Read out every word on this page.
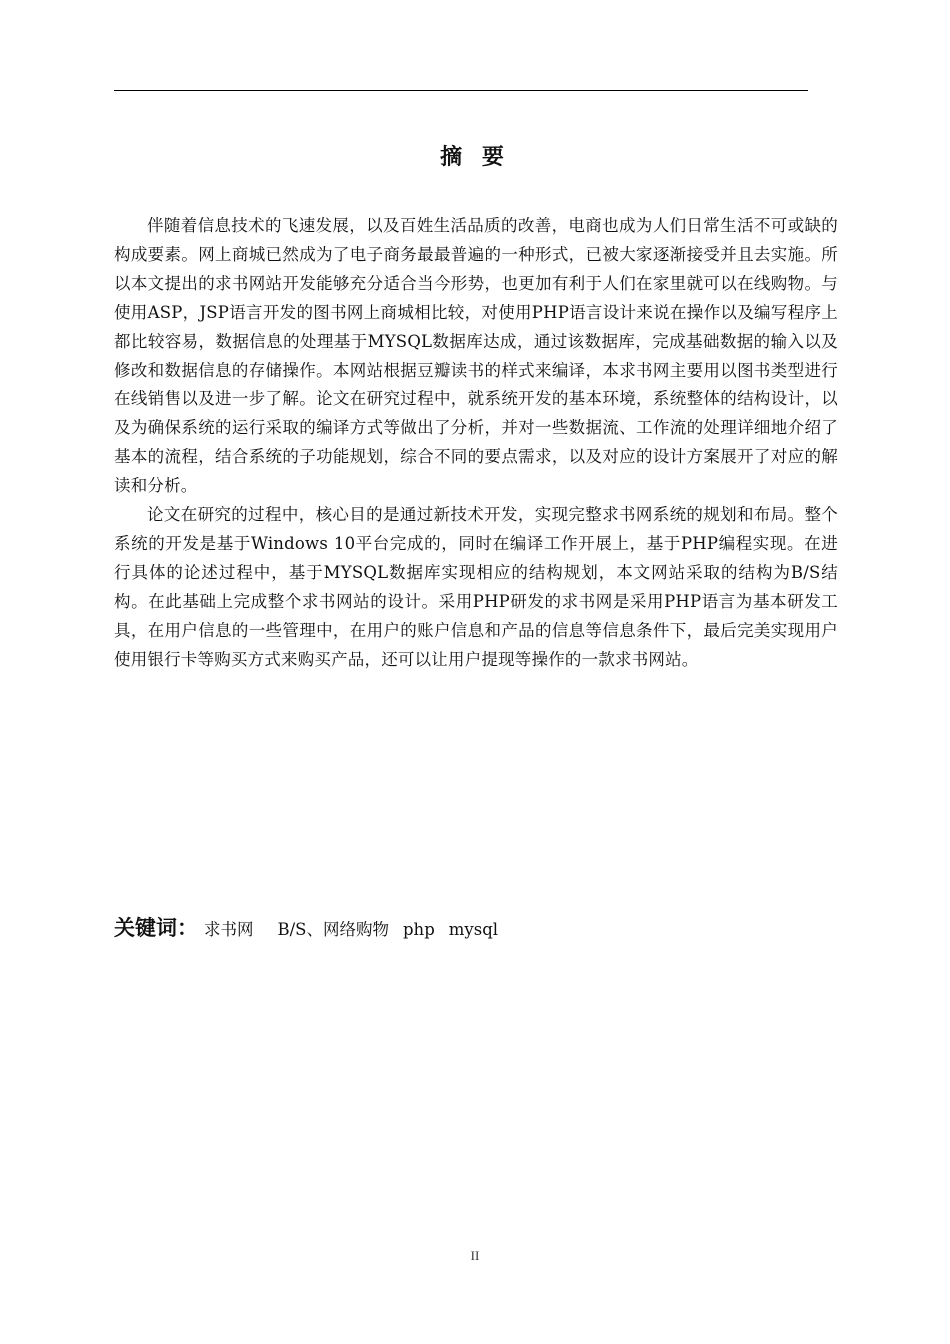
摘 要

伴随着信息技术的飞速发展，以及百姓生活品质的改善，电商也成为人们日常生活不可或缺的构成要素。网上商城已然成为了电子商务最最普遍的一种形式，已被大家逐渐接受并且去实施。所以本文提出的求书网站开发能够充分适合当今形势，也更加有利于人们在家里就可以在线购物。与使用ASP，JSP语言开发的图书网上商城相比较，对使用PHP语言设计来说在操作以及编写程序上都比较容易，数据信息的处理基于MYSQL数据库达成，通过该数据库，完成基础数据的输入以及修改和数据信息的存储操作。本网站根据豆瓣读书的样式来编译，本求书网主要用以图书类型进行在线销售以及进一步了解。论文在研究过程中，就系统开发的基本环境，系统整体的结构设计，以及为确保系统的运行采取的编译方式等做出了分析，并对一些数据流、工作流的处理详细地介绍了基本的流程，结合系统的子功能规划，综合不同的要点需求，以及对应的设计方案展开了对应的解读和分析。

论文在研究的过程中，核心目的是通过新技术开发，实现完整求书网系统的规划和布局。整个系统的开发是基于Windows 10平台完成的，同时在编译工作开展上，基于PHP编程实现。在进行具体的论述过程中，基于MYSQL数据库实现相应的结构规划，本文网站采取的结构为B/S结构。在此基础上完成整个求书网站的设计。采用PHP研发的求书网是采用PHP语言为基本研发工具，在用户信息的一些管理中，在用户的账户信息和产品的信息等信息条件下，最后完美实现用户使用银行卡等购买方式来购买产品，还可以让用户提现等操作的一款求书网站。

关键词 ： 求书网 B/S、网络购物 php mysql
II
